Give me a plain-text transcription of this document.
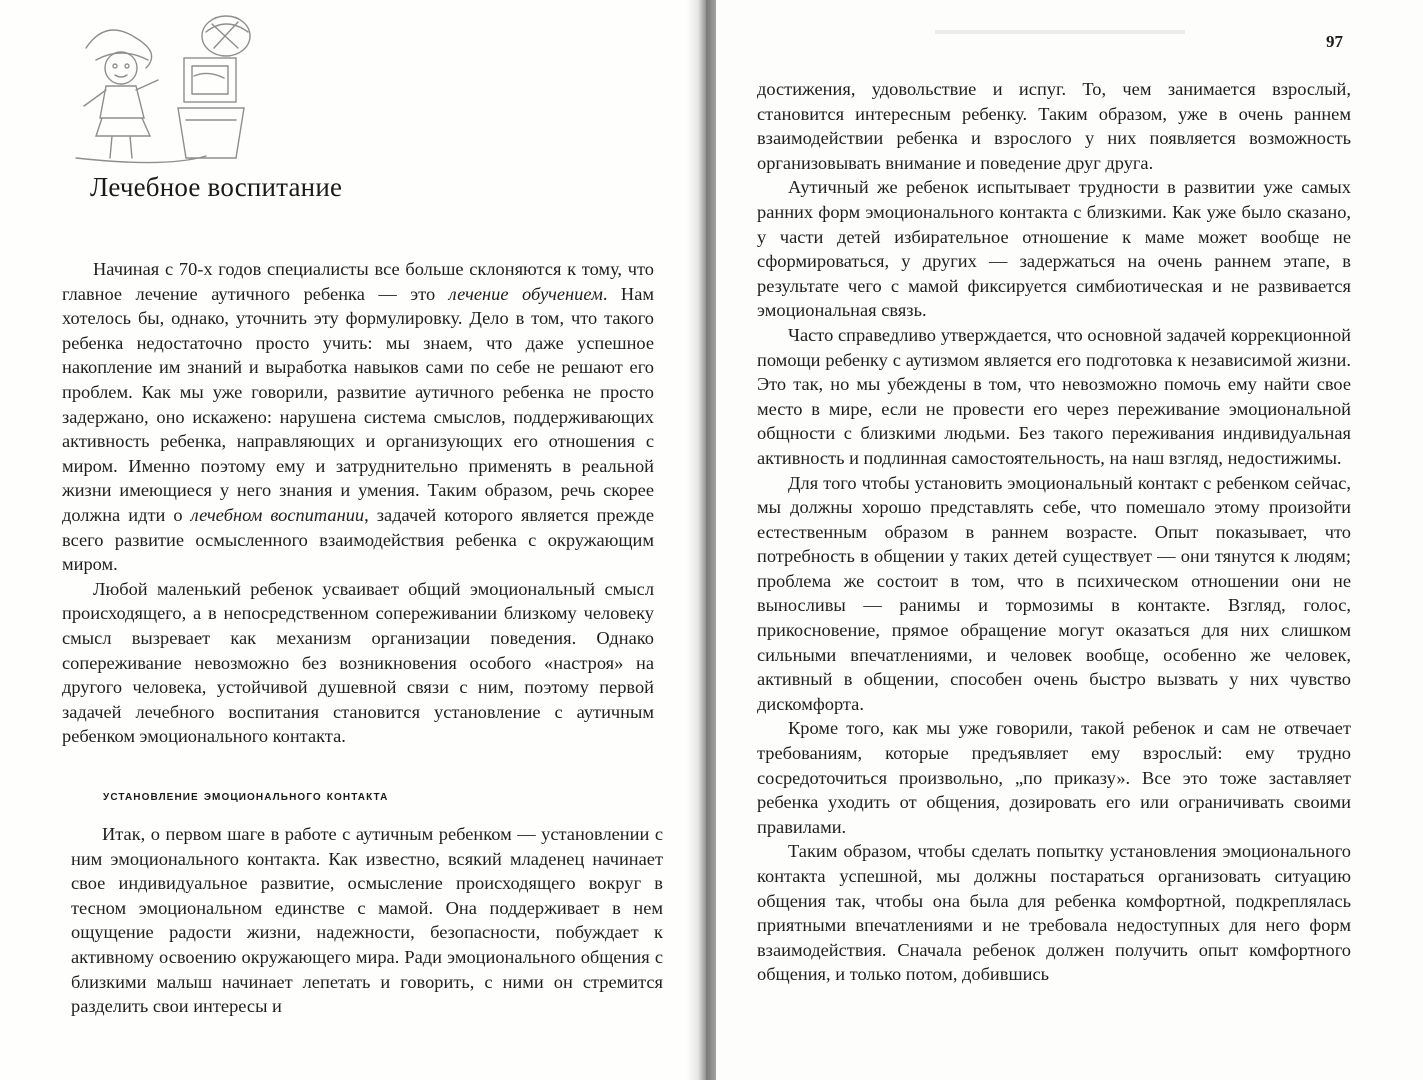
Лечебное воспитание

Начиная с 70-х годов специалисты все больше склоняются к тому, что главное лечение аутичного ребенка — это лечение обучением. Нам хотелось бы, однако, уточнить эту формулировку. Дело в том, что такого ребенка недостаточно просто учить: мы знаем, что даже успешное накопление им знаний и выработка навыков сами по себе не решают его проблем. Как мы уже говорили, развитие аутичного ребенка не просто задержано, оно искажено: нарушена система смыслов, поддерживающих активность ребенка, направляющих и организующих его отношения с миром. Именно поэтому ему и затруднительно применять в реальной жизни имеющиеся у него знания и умения. Таким образом, речь скорее должна идти о лечебном воспитании, задачей которого является прежде всего развитие осмысленного взаимодействия ребенка с окружающим миром.

Любой маленький ребенок усваивает общий эмоциональный смысл происходящего, а в непосредственном сопереживании близкому человеку смысл вызревает как механизм организации поведения. Однако сопереживание невозможно без возникновения особого «настроя» на другого человека, устойчивой душевной связи с ним, поэтому первой задачей лечебного воспитания становится установление с аутичным ребенком эмоционального контакта.

установление эмоционального контакта

Итак, о первом шаге в работе с аутичным ребенком — установлении с ним эмоционального контакта. Как известно, всякий младенец начинает свое индивидуальное развитие, осмысление происходящего вокруг в тесном эмоциональном единстве с мамой. Она поддерживает в нем ощущение радости жизни, надежности, безопасности, побуждает к активному освоению окружающего мира. Ради эмоционального общения с близкими малыш начинает лепетать и говорить, с ними он стремится разделить свои интересы и

97

достижения, удовольствие и испуг. То, чем занимается взрослый, становится интересным ребенку. Таким образом, уже в очень раннем взаимодействии ребенка и взрослого у них появляется возможность организовывать внимание и поведение друг друга.

Аутичный же ребенок испытывает трудности в развитии уже самых ранних форм эмоционального контакта с близкими. Как уже было сказано, у части детей избирательное отношение к маме может вообще не сформироваться, у других — задержаться на очень раннем этапе, в результате чего с мамой фиксируется симбиотическая и не развивается эмоциональная связь.

Часто справедливо утверждается, что основной задачей коррекционной помощи ребенку с аутизмом является его подготовка к независимой жизни. Это так, но мы убеждены в том, что невозможно помочь ему найти свое место в мире, если не провести его через переживание эмоциональной общности с близкими людьми. Без такого переживания индивидуальная активность и подлинная самостоятельность, на наш взгляд, недостижимы.

Для того чтобы установить эмоциональный контакт с ребенком сейчас, мы должны хорошо представлять себе, что помешало этому произойти естественным образом в раннем возрасте. Опыт показывает, что потребность в общении у таких детей существует — они тянутся к людям; проблема же состоит в том, что в психическом отношении они не выносливы — ранимы и тормозимы в контакте. Взгляд, голос, прикосновение, прямое обращение могут оказаться для них слишком сильными впечатлениями, и человек вообще, особенно же человек, активный в общении, способен очень быстро вызвать у них чувство дискомфорта.

Кроме того, как мы уже говорили, такой ребенок и сам не отвечает требованиям, которые предъявляет ему взрослый: ему трудно сосредоточиться произвольно, „по приказу». Все это тоже заставляет ребенка уходить от общения, дозировать его или ограничивать своими правилами.

Таким образом, чтобы сделать попытку установления эмоционального контакта успешной, мы должны постараться организовать ситуацию общения так, чтобы она была для ребенка комфортной, подкреплялась приятными впечатлениями и не требовала недоступных для него форм взаимодействия. Сначала ребенок должен получить опыт комфортного общения, и только потом, добившись
